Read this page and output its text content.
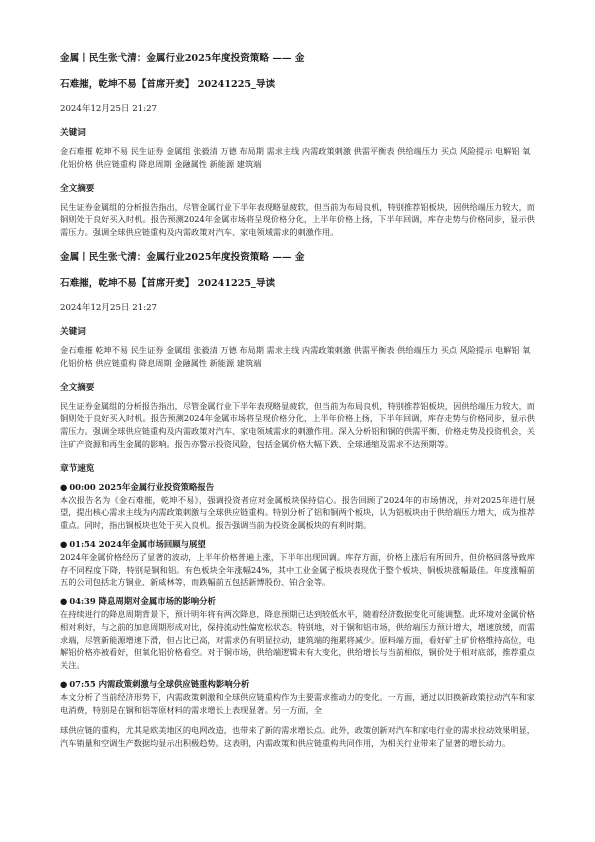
金属丨民生张弋清：金属行业2025年度投资策略 —— 金
石难摧，乾坤不易【首席开麦】 20241225_导读
2024年12月25日 21:27
关键词
金石难摧 乾坤不易 民生证券 金属组 张毅清 万德 布局期 需求主线 内需政策刺激 供需平衡表 供给端压力 买点 风险提示 电解铝 氧化铝价格 供应链重构 降息周期 金融属性 新能源 建筑端
全文摘要
民生证券金属组的分析报告指出，尽管金属行业下半年表现略显疲软，但当前为布局良机，特别推荐铝板块，因供给端压力较大，而铜则处于良好买入时机。报告预测2024年金属市场将呈现价格分化，上半年价格上扬，下半年回调，库存走势与价格同步，显示供需压力。强调全球供应链重构及内需政策对汽车、家电领域需求的刺激作用。
金属丨民生张弋清：金属行业2025年度投资策略 —— 金
石难摧，乾坤不易【首席开麦】 20241225_导读
2024年12月25日 21:27
关键词
金石难摧 乾坤不易 民生证券 金属组 张毅清 万德 布局期 需求主线 内需政策刺激 供需平衡表 供给端压力 买点 风险提示 电解铝 氧化铝价格 供应链重构 降息周期 金融属性 新能源 建筑端
全文摘要
民生证券金属组的分析报告指出，尽管金属行业下半年表现略显疲软，但当前为布局良机，特别推荐铝板块，因供给端压力较大，而铜则处于良好买入时机。报告预测2024年金属市场将呈现价格分化，上半年价格上扬，下半年回调，库存走势与价格同步，显示供需压力。强调全球供应链重构及内需政策对汽车、家电领域需求的刺激作用。深入分析铝和铜的供需平衡、价格走势及投资机会，关注矿产资源和再生金属的影响。报告亦警示投资风险，包括金属价格大幅下跌、全球通缩及需求不达预期等。
章节速览
● 00:00 2025年金属行业投资策略报告
本次报告名为《金石难摧，乾坤不易》，强调投资者应对金属板块保持信心。报告回顾了2024年的市场情况，并对2025年进行展望，提出核心需求主线为内需政策刺激与全球供应链重构。特别分析了铝和铜两个板块，认为铝板块由于供给端压力增大，成为推荐重点。同时，指出铜板块也处于买入良机。报告强调当前为投资金属板块的有利时期。
● 01:54 2024年金属市场回顾与展望
2024年金属价格经历了显著的波动，上半年价格普遍上涨，下半年出现回调。库存方面，价格上涨后有所回升，但价格回落导致库存不同程度下降，特别是铜和铝。有色板块全年涨幅24%，其中工业金属子板块表现优于整个板块，铜板块涨幅最佳。年度涨幅前五的公司包括北方铜业、新威林等，而跌幅前五包括新博股份、铂合金等。
● 04:39 降息周期对金属市场的影响分析
在持续进行的降息周期背景下，预计明年将有两次降息，降息预期已达到较低水平，随着经济数据变化可能调整。此环境对金属价格相对利好，与之前的加息周期形成对比，保持流动性偏宽松状态。特别地，对于铜和铝市场，供给端压力预计增大，增速放缓，而需求端，尽管新能源增速下滑，但占比已高，对需求仍有明显拉动，建筑端的拖累将减少。原料端方面，看好矿土矿价格维持高位，电解铝价格亦被看好，但氧化铝价格看空。对于铜市场，供给端逻辑未有大变化，供给增长与当前相似，铜价处于相对底部，推荐重点关注。
● 07:55 内需政策刺激与全球供应链重构影响分析
本文分析了当前经济形势下，内需政策刺激和全球供应链重构作为主要需求推动力的变化。一方面，通过以旧换新政策拉动汽车和家电消费，特别是在铜和铝等原材料的需求增长上表现显著。另一方面，全
球供应链的重构，尤其是欧美地区的电网改造，也带来了新的需求增长点。此外，政策创新对汽车和家电行业的需求拉动效果明显，汽车销量和空调生产数据均显示出积极趋势。这表明，内需政策和供应链重构共同作用，为相关行业带来了显著的增长动力。
